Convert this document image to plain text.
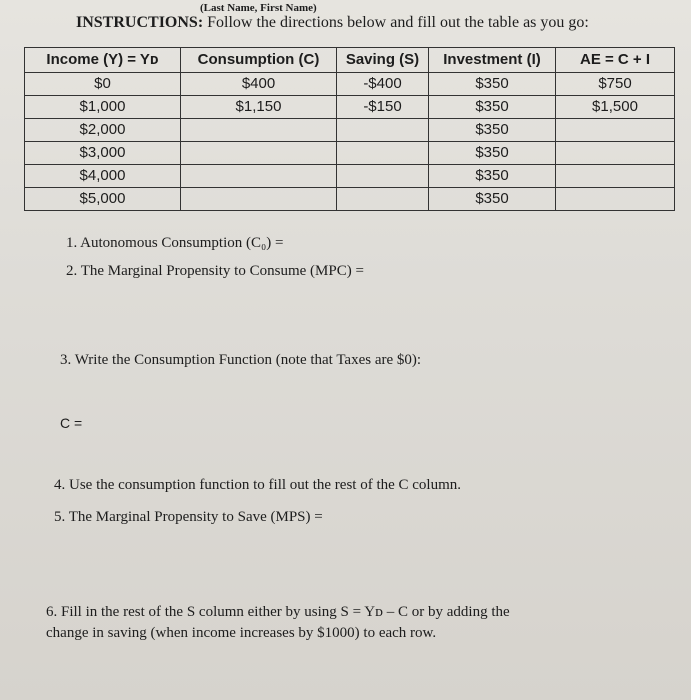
(Last Name, First Name)
INSTRUCTIONS: Follow the directions below and fill out the table as you go:
Income (Y) = Yᴅ	Consumption (C)	Saving (S)	Investment (I)	AE = C + I
$0	$400	-$400	$350	$750
$1,000	$1,150	-$150	$350	$1,500
$2,000			$350	
$3,000			$350	
$4,000			$350	
$5,000			$350	
1. Autonomous Consumption (C₀) =
2. The Marginal Propensity to Consume (MPC) =
3. Write the Consumption Function (note that Taxes are $0):
C =
4. Use the consumption function to fill out the rest of the C column.
5. The Marginal Propensity to Save (MPS) =
6. Fill in the rest of the S column either by using S = Yᴅ – C or by adding the
change in saving (when income increases by $1000) to each row.
